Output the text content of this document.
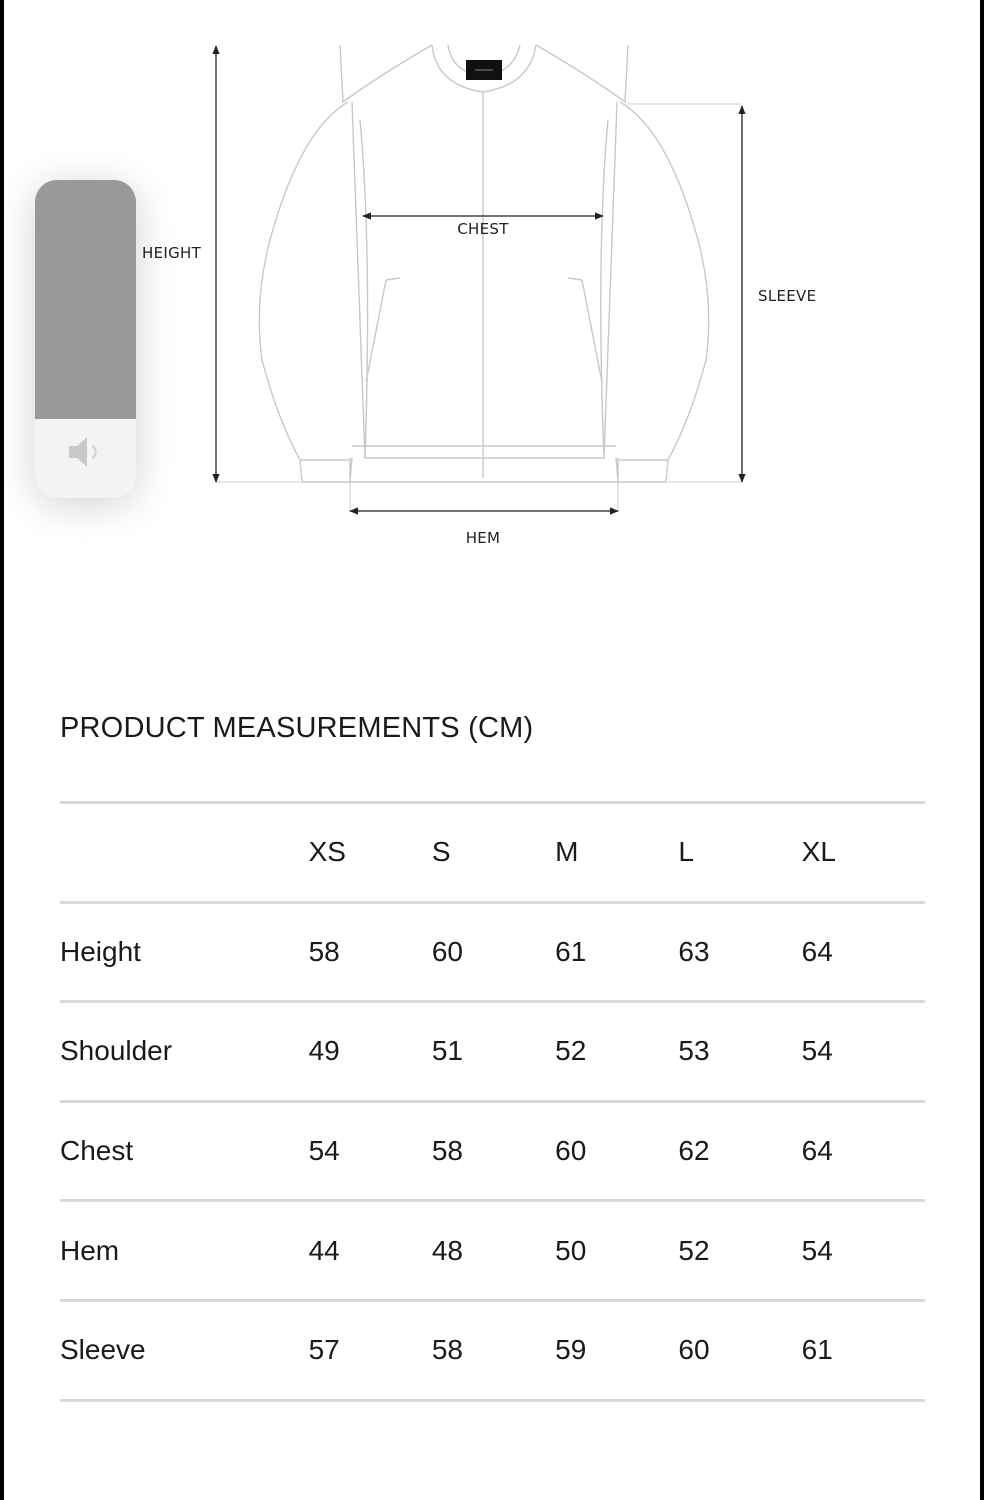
HEIGHT
CHEST
SLEEVE
HEM
PRODUCT MEASUREMENTS (CM)
	XS	S	M	L	XL
Height	58	60	61	63	64
Shoulder	49	51	52	53	54
Chest	54	58	60	62	64
Hem	44	48	50	52	54
Sleeve	57	58	59	60	61
